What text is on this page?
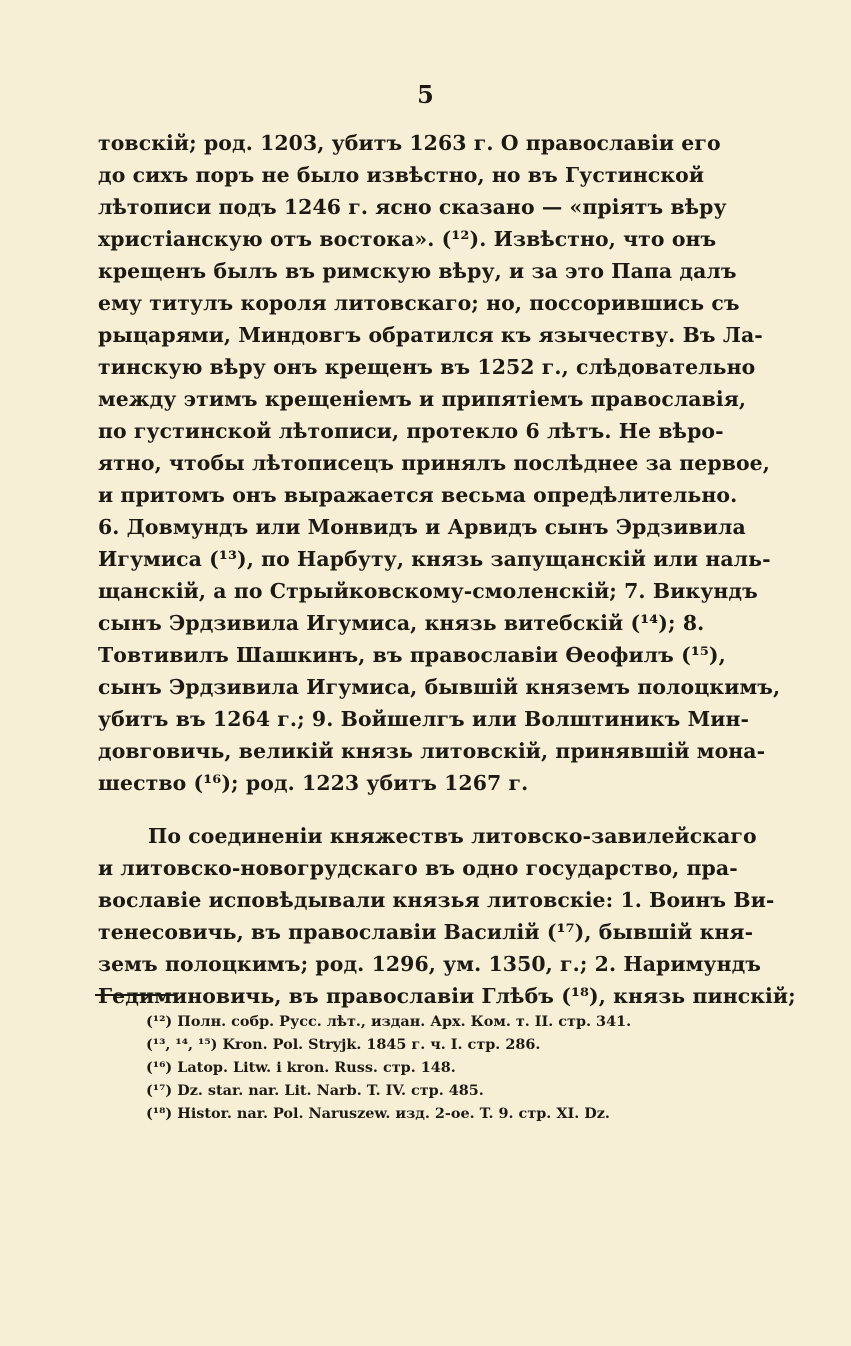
5
товскій; род. 1203, убитъ 1263 г. О православіи его
до сихъ поръ не было извѣстно, но въ Густинской
лѣтописи подъ 1246 г. ясно сказано — «пріятъ вѣру
христіанскую отъ востока». (¹²). Извѣстно, что онъ
крещенъ былъ въ римскую вѣру, и за это Папа далъ
ему титулъ короля литовскаго; но, поссорившись съ
рыцарями, Миндовгъ обратился къ язычеству. Въ Ла-
тинскую вѣру онъ крещенъ въ 1252 г., слѣдовательно
между этимъ крещеніемъ и припятіемъ православія,
по густинской лѣтописи, протекло 6 лѣтъ. Не вѣро-
ятно, чтобы лѣтописецъ принялъ послѣднее за первое,
и притомъ онъ выражается весьма опредѣлительно.
6. Довмундъ или Монвидъ и Арвидъ сынъ Эрдзивила
Игумиса (¹³), по Нарбуту, князь запущанскій или наль-
щанскій, а по Стрыйковскому-смоленскій; 7. Викундъ
сынъ Эрдзивила Игумиса, князь витебскій (¹⁴); 8.
Товтивилъ Шашкинъ, въ православіи Ѳеофилъ (¹⁵),
сынъ Эрдзивила Игумиса, бывшій княземъ полоцкимъ,
убитъ въ 1264 г.; 9. Войшелгъ или Волштиникъ Мин-
довговичь, великій князь литовскій, принявшій мона-
шество (¹⁶); род. 1223 убитъ 1267 г.
По соединеніи княжествъ литовско-завилейскаго
и литовско-новогрудскаго въ одно государство, пра-
вославіе исповѣдывали князья литовскіе: 1. Воинъ Ви-
тенесовичь, въ православіи Василій (¹⁷), бывшій кня-
земъ полоцкимъ; род. 1296, ум. 1350, г.; 2. Наримундъ
Гедиминовичь, въ православіи Глѣбъ (¹⁸), князь пинскій;
(¹²) Полн. собр. Русс. лѣт., издан. Арх. Ком. т. II. стр. 341.
(¹³, ¹⁴, ¹⁵) Kron. Pol. Stryjk. 1845 г. ч. I. стр. 286.
(¹⁶) Latop. Litw. i kron. Russ. стр. 148.
(¹⁷) Dz. star. nar. Lit. Narb. T. IV. стр. 485.
(¹⁸) Histor. nar. Pol. Naruszew. изд. 2-ое. T. 9. стр. XI. Dz.
